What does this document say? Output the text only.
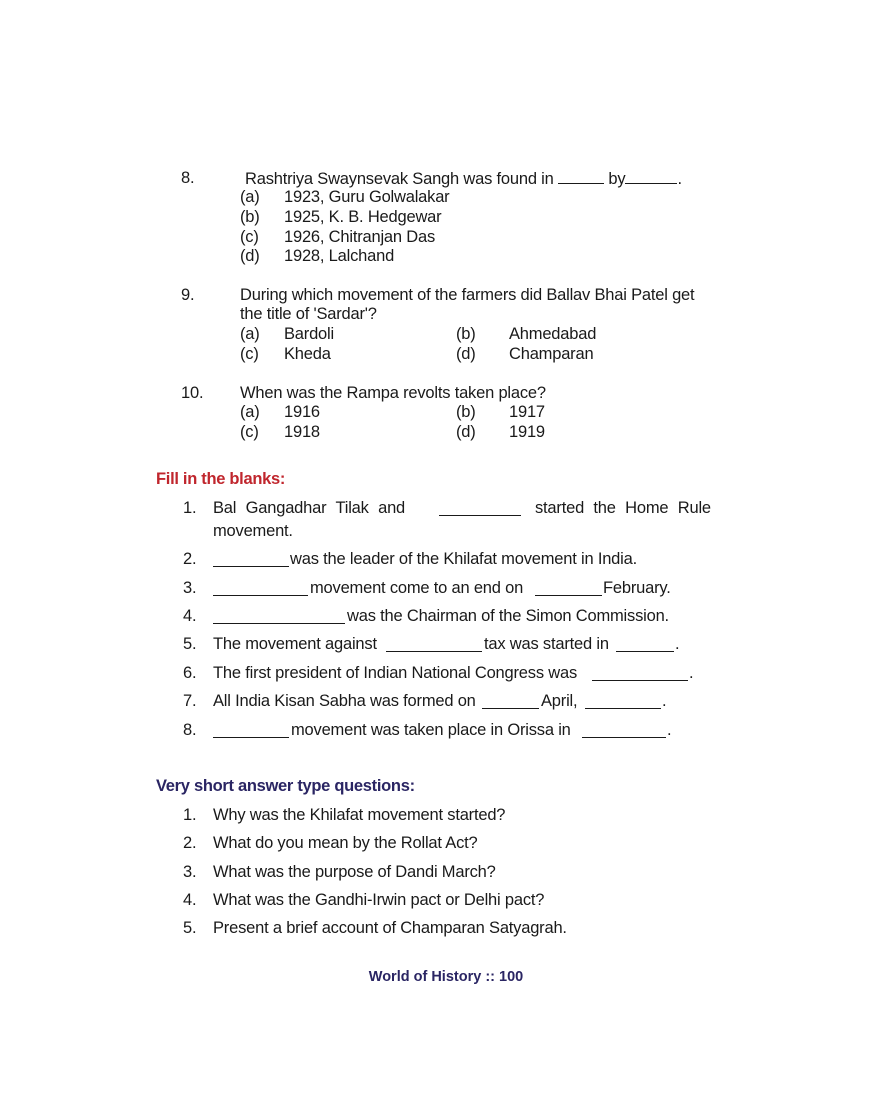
8.	Rashtriya Swaynsevak Sangh was found in	by	.
(a) 1923, Guru Golwalakar
(b) 1925, K. B. Hedgewar
(c) 1926, Chitranjan Das
(d) 1928, Lalchand
9.	During which movement of the farmers did Ballav Bhai Patel get
the title of 'Sardar'?
(a) Bardoli	(b) Ahmedabad
(c) Kheda	(d) Champaran
10. When was the Rampa revolts taken place?
(a) 1916	(b) 1917
(c) 1918	(d) 1919
Fill in the blanks:
1. Bal Gangadhar Tilak and	started the Home Rule
movement.
2.	was the leader of the Khilafat movement in India.
3.	movement come to an end on	February.
4.	was the Chairman of the Simon Commission.
5. The movement against	tax was started in	.
6. The first president of Indian National Congress was	.
7. All India Kisan Sabha was formed on	April,	.
8.	movement was taken place in Orissa in	.
Very short answer type questions:
1. Why was the Khilafat movement started?
2. What do you mean by the Rollat Act?
3. What was the purpose of Dandi March?
4. What was the Gandhi-Irwin pact or Delhi pact?
5. Present a brief account of Champaran Satyagrah.
World of History :: 100
